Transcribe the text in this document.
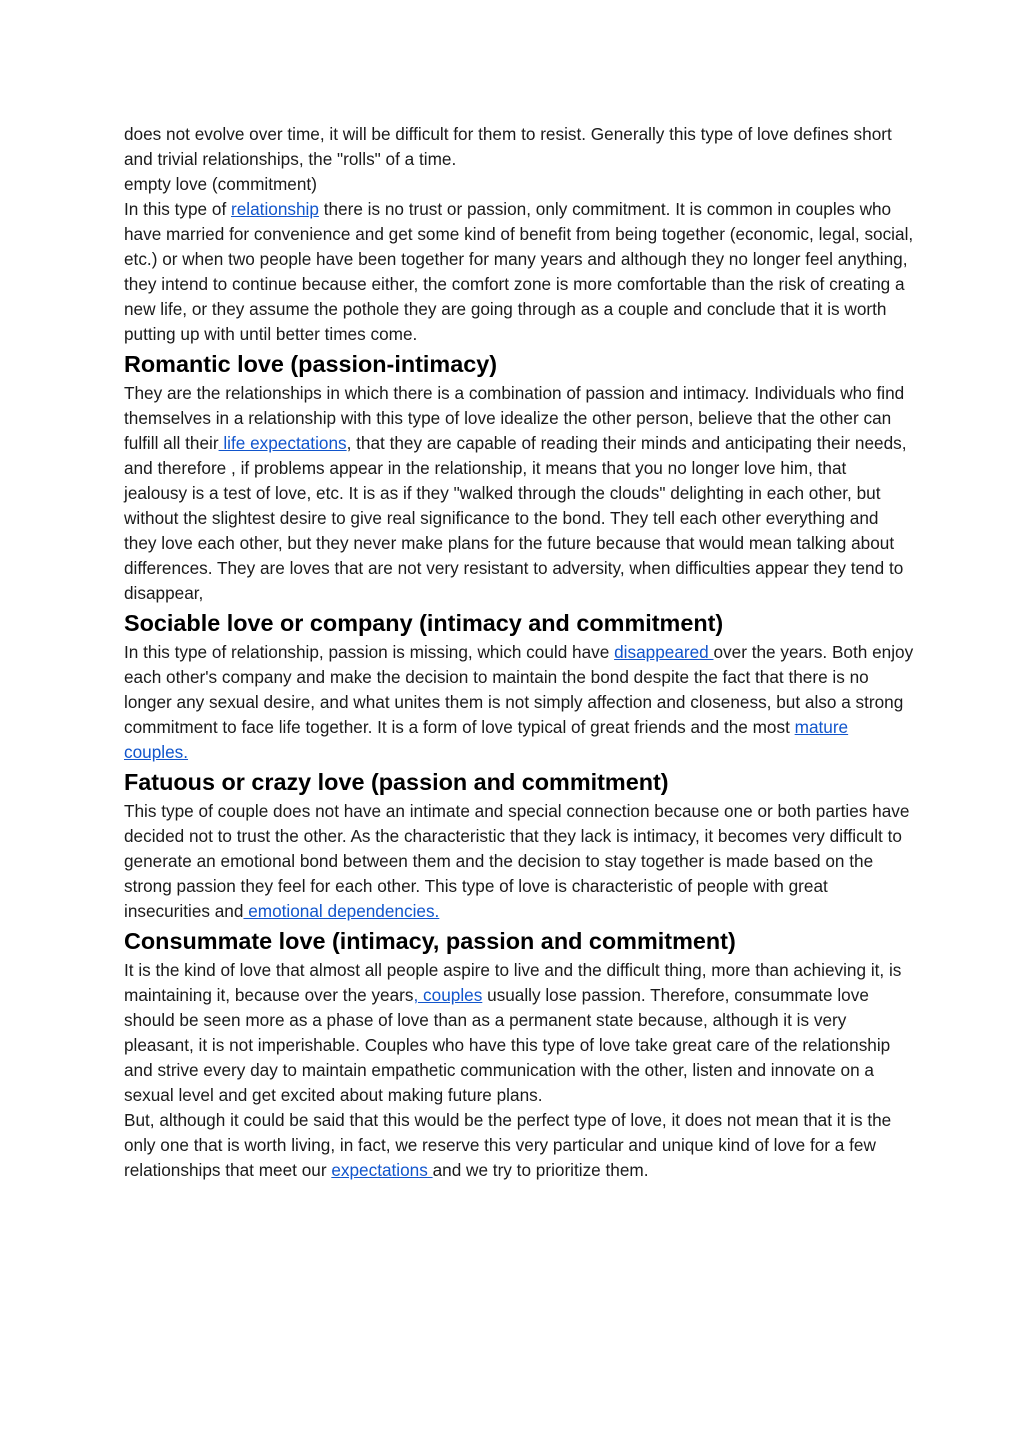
does not evolve over time, it will be difficult for them to resist. Generally this type of love defines short and trivial relationships, the "rolls" of a time.

empty love (commitment)

In this type of relationship there is no trust or passion, only commitment. It is common in couples who have married for convenience and get some kind of benefit from being together (economic, legal, social, etc.) or when two people have been together for many years and although they no longer feel anything, they intend to continue because either, the comfort zone is more comfortable than the risk of creating a new life, or they assume the pothole they are going through as a couple and conclude that it is worth putting up with until better times come.

Romantic love (passion-intimacy)

They are the relationships in which there is a combination of passion and intimacy. Individuals who find themselves in a relationship with this type of love idealize the other person, believe that the other can fulfill all their life expectations, that they are capable of reading their minds and anticipating their needs, and therefore , if problems appear in the relationship, it means that you no longer love him, that jealousy is a test of love, etc. It is as if they "walked through the clouds" delighting in each other, but without the slightest desire to give real significance to the bond. They tell each other everything and they love each other, but they never make plans for the future because that would mean talking about differences. They are loves that are not very resistant to adversity, when difficulties appear they tend to disappear,

Sociable love or company (intimacy and commitment)

In this type of relationship, passion is missing, which could have disappeared over the years. Both enjoy each other's company and make the decision to maintain the bond despite the fact that there is no longer any sexual desire, and what unites them is not simply affection and closeness, but also a strong commitment to face life together. It is a form of love typical of great friends and the most mature couples.

Fatuous or crazy love (passion and commitment)

This type of couple does not have an intimate and special connection because one or both parties have decided not to trust the other. As the characteristic that they lack is intimacy, it becomes very difficult to generate an emotional bond between them and the decision to stay together is made based on the strong passion they feel for each other. This type of love is characteristic of people with great insecurities and emotional dependencies.

Consummate love (intimacy, passion and commitment)

It is the kind of love that almost all people aspire to live and the difficult thing, more than achieving it, is maintaining it, because over the years, couples usually lose passion. Therefore, consummate love should be seen more as a phase of love than as a permanent state because, although it is very pleasant, it is not imperishable. Couples who have this type of love take great care of the relationship and strive every day to maintain empathetic communication with the other, listen and innovate on a sexual level and get excited about making future plans.

But, although it could be said that this would be the perfect type of love, it does not mean that it is the only one that is worth living, in fact, we reserve this very particular and unique kind of love for a few relationships that meet our expectations and we try to prioritize them.
